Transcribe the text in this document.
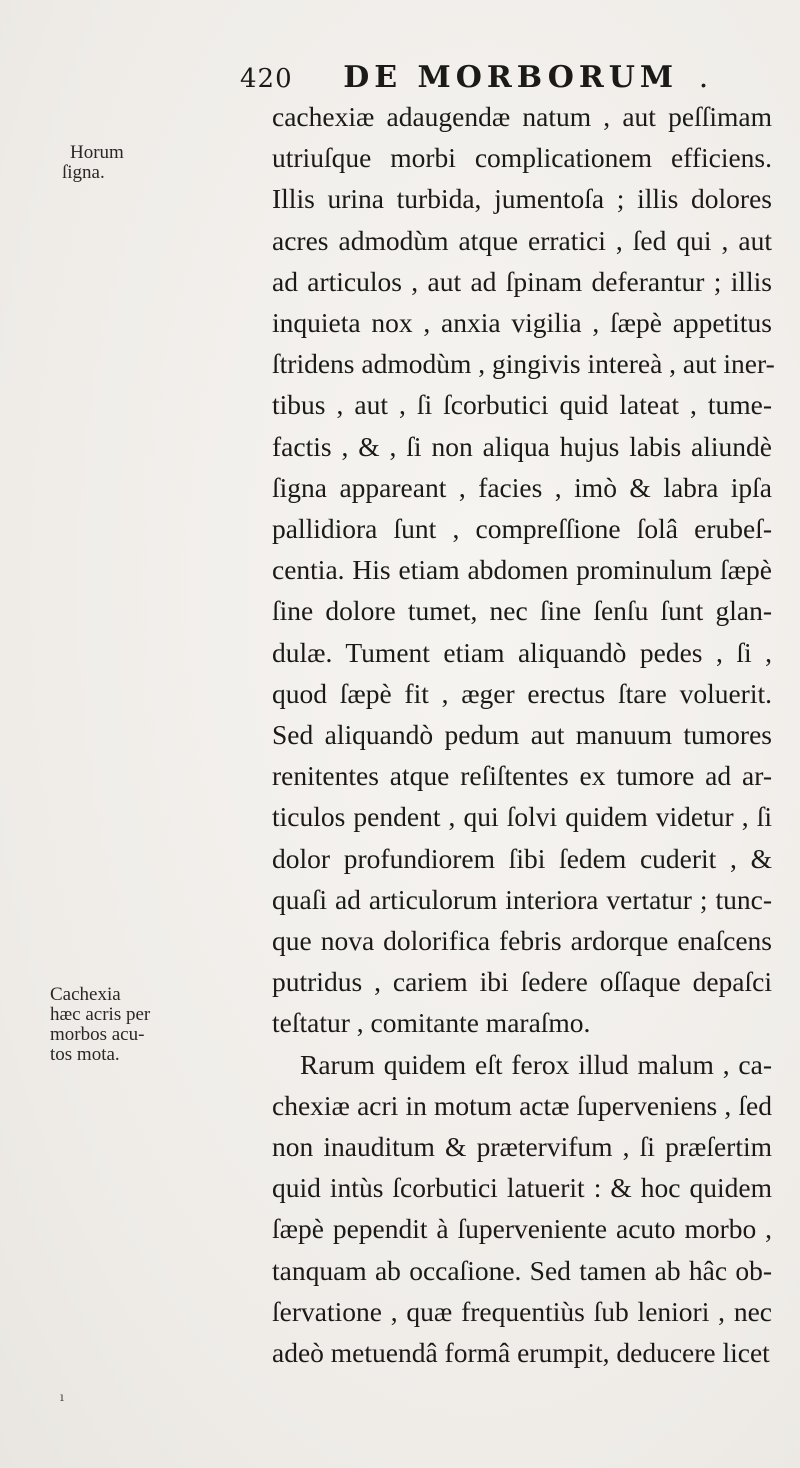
420 DE MORBORUM .
Horum
ſigna.
Cachexia
hæc acris per
morbos acu-
tos mota.
cachexiæ adaugendæ natum , aut peſſimam
utriuſque morbi complicationem efficiens.
Illis urina turbida, jumentoſa ; illis dolores
acres admodùm atque erratici , ſed qui , aut
ad articulos , aut ad ſpinam deferantur ; illis
inquieta nox , anxia vigilia , ſæpè appetitus
ſtridens admodùm , gingivis intereà , aut iner-
tibus , aut , ſi ſcorbutici quid lateat , tume-
factis , & , ſi non aliqua hujus labis aliundè
ſigna appareant , facies , imò & labra ipſa
pallidiora ſunt , compreſſione ſolâ erubeſ-
centia. His etiam abdomen prominulum ſæpè
ſine dolore tumet, nec ſine ſenſu ſunt glan-
dulæ. Tument etiam aliquandò pedes , ſi ,
quod ſæpè fit , æger erectus ſtare voluerit.
Sed aliquandò pedum aut manuum tumores
renitentes atque reſiſtentes ex tumore ad ar-
ticulos pendent , qui ſolvi quidem videtur , ſi
dolor profundiorem ſibi ſedem cuderit , &
quaſi ad articulorum interiora vertatur ; tunc-
que nova dolorifica febris ardorque enaſcens
putridus , cariem ibi ſedere oſſaque depaſci
teſtatur , comitante maraſmo.
Rarum quidem eſt ferox illud malum , ca-
chexiæ acri in motum actæ ſuperveniens , ſed
non inauditum & prætervifum , ſi præſertim
quid intùs ſcorbutici latuerit : & hoc quidem
ſæpè pependit à ſuperveniente acuto morbo ,
tanquam ab occaſione. Sed tamen ab hâc ob-
ſervatione , quæ frequentiùs ſub leniori , nec
adeò metuendâ formâ erumpit, deducere licet
ı
